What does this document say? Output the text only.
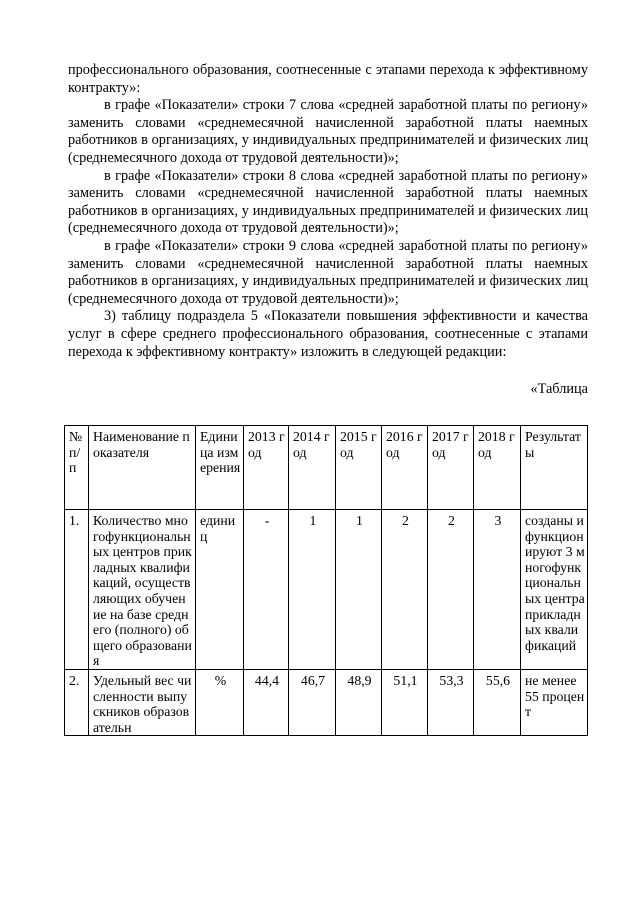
профессионального образования, соотнесенные с этапами перехода к эффективному контракту»:

в графе «Показатели» строки 7 слова «средней заработной платы по региону» заменить словами «среднемесячной начисленной заработной платы наемных работников в организациях, у индивидуальных предпринимателей и физических лиц (среднемесячного дохода от трудовой деятельности)»;

в графе «Показатели» строки 8 слова «средней заработной платы по региону» заменить словами «среднемесячной начисленной заработной платы наемных работников в организациях, у индивидуальных предпринимателей и физических лиц (среднемесячного дохода от трудовой деятельности)»;

в графе «Показатели» строки 9 слова «средней заработной платы по региону» заменить словами «среднемесячной начисленной заработной платы наемных работников в организациях, у индивидуальных предпринимателей и физических лиц (среднемесячного дохода от трудовой деятельности)»;

3) таблицу подраздела 5 «Показатели повышения эффективности и качества услуг в сфере среднего профессионального образования, соотнесенные с этапами перехода к эффективному контракту» изложить в следующей редакции:

«Таблица

№ п/п	Наименование показателя	Единица измерения	2013 год	2014 год	2015 год	2016 год	2017 год	2018 год	Результаты
1.	Количество многофункциональных центров прикладных квалификаций, осуществляющих обучение на базе среднего (полного) общего образования	единиц	-	1	1	2	2	3	созданы и функционируют 3 многофункциональных центра прикладных квалификаций
2.	Удельный вес численности выпускников образовательн	%	44,4	46,7	48,9	51,1	53,3	55,6	не менее 55 процент
